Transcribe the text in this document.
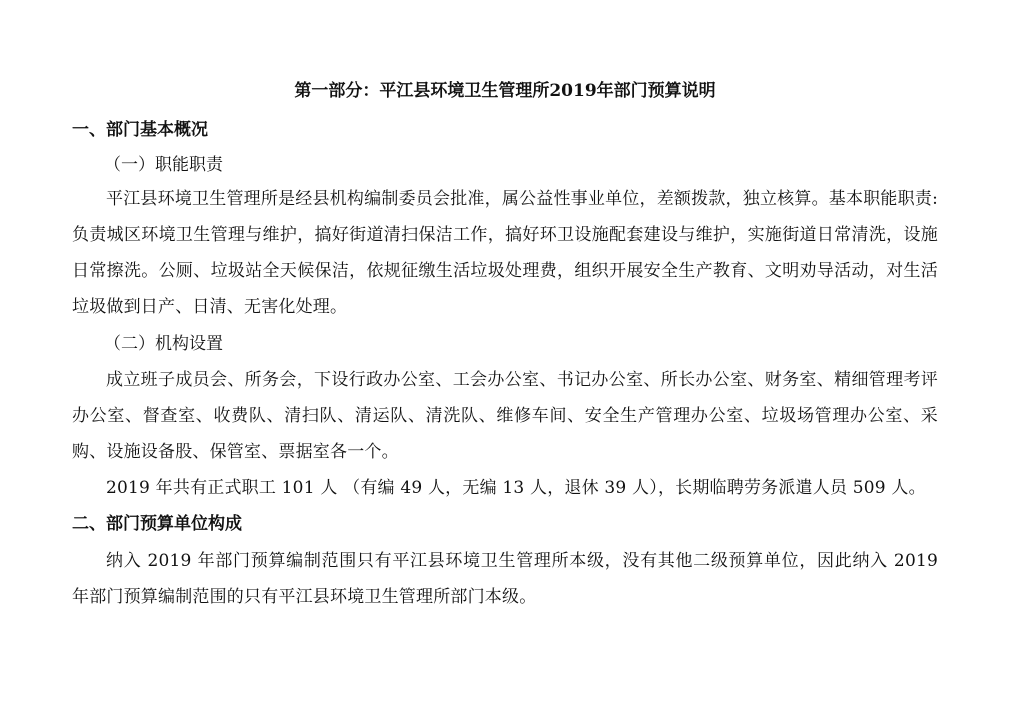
第一部分：平江县环境卫生管理所2019年部门预算说明
一、部门基本概况
（一）职能职责
平江县环境卫生管理所是经县机构编制委员会批准，属公益性事业单位，差额拨款，独立核算。基本职能职责:负责城区环境卫生管理与维护，搞好街道清扫保洁工作，搞好环卫设施配套建设与维护，实施街道日常清洗，设施日常擦洗。公厕、垃圾站全天候保洁，依规征缴生活垃圾处理费，组织开展安全生产教育、文明劝导活动，对生活垃圾做到日产、日清、无害化处理。
（二）机构设置
成立班子成员会、所务会，下设行政办公室、工会办公室、书记办公室、所长办公室、财务室、精细管理考评办公室、督查室、收费队、清扫队、清运队、清洗队、维修车间、安全生产管理办公室、垃圾场管理办公室、采购、设施设备股、保管室、票据室各一个。
2019 年共有正式职工 101 人 （有编 49 人，无编 13 人，退休 39 人），长期临聘劳务派遣人员 509 人。
二、部门预算单位构成
纳入 2019 年部门预算编制范围只有平江县环境卫生管理所本级，没有其他二级预算单位，因此纳入 2019 年部门预算编制范围的只有平江县环境卫生管理所部门本级。
